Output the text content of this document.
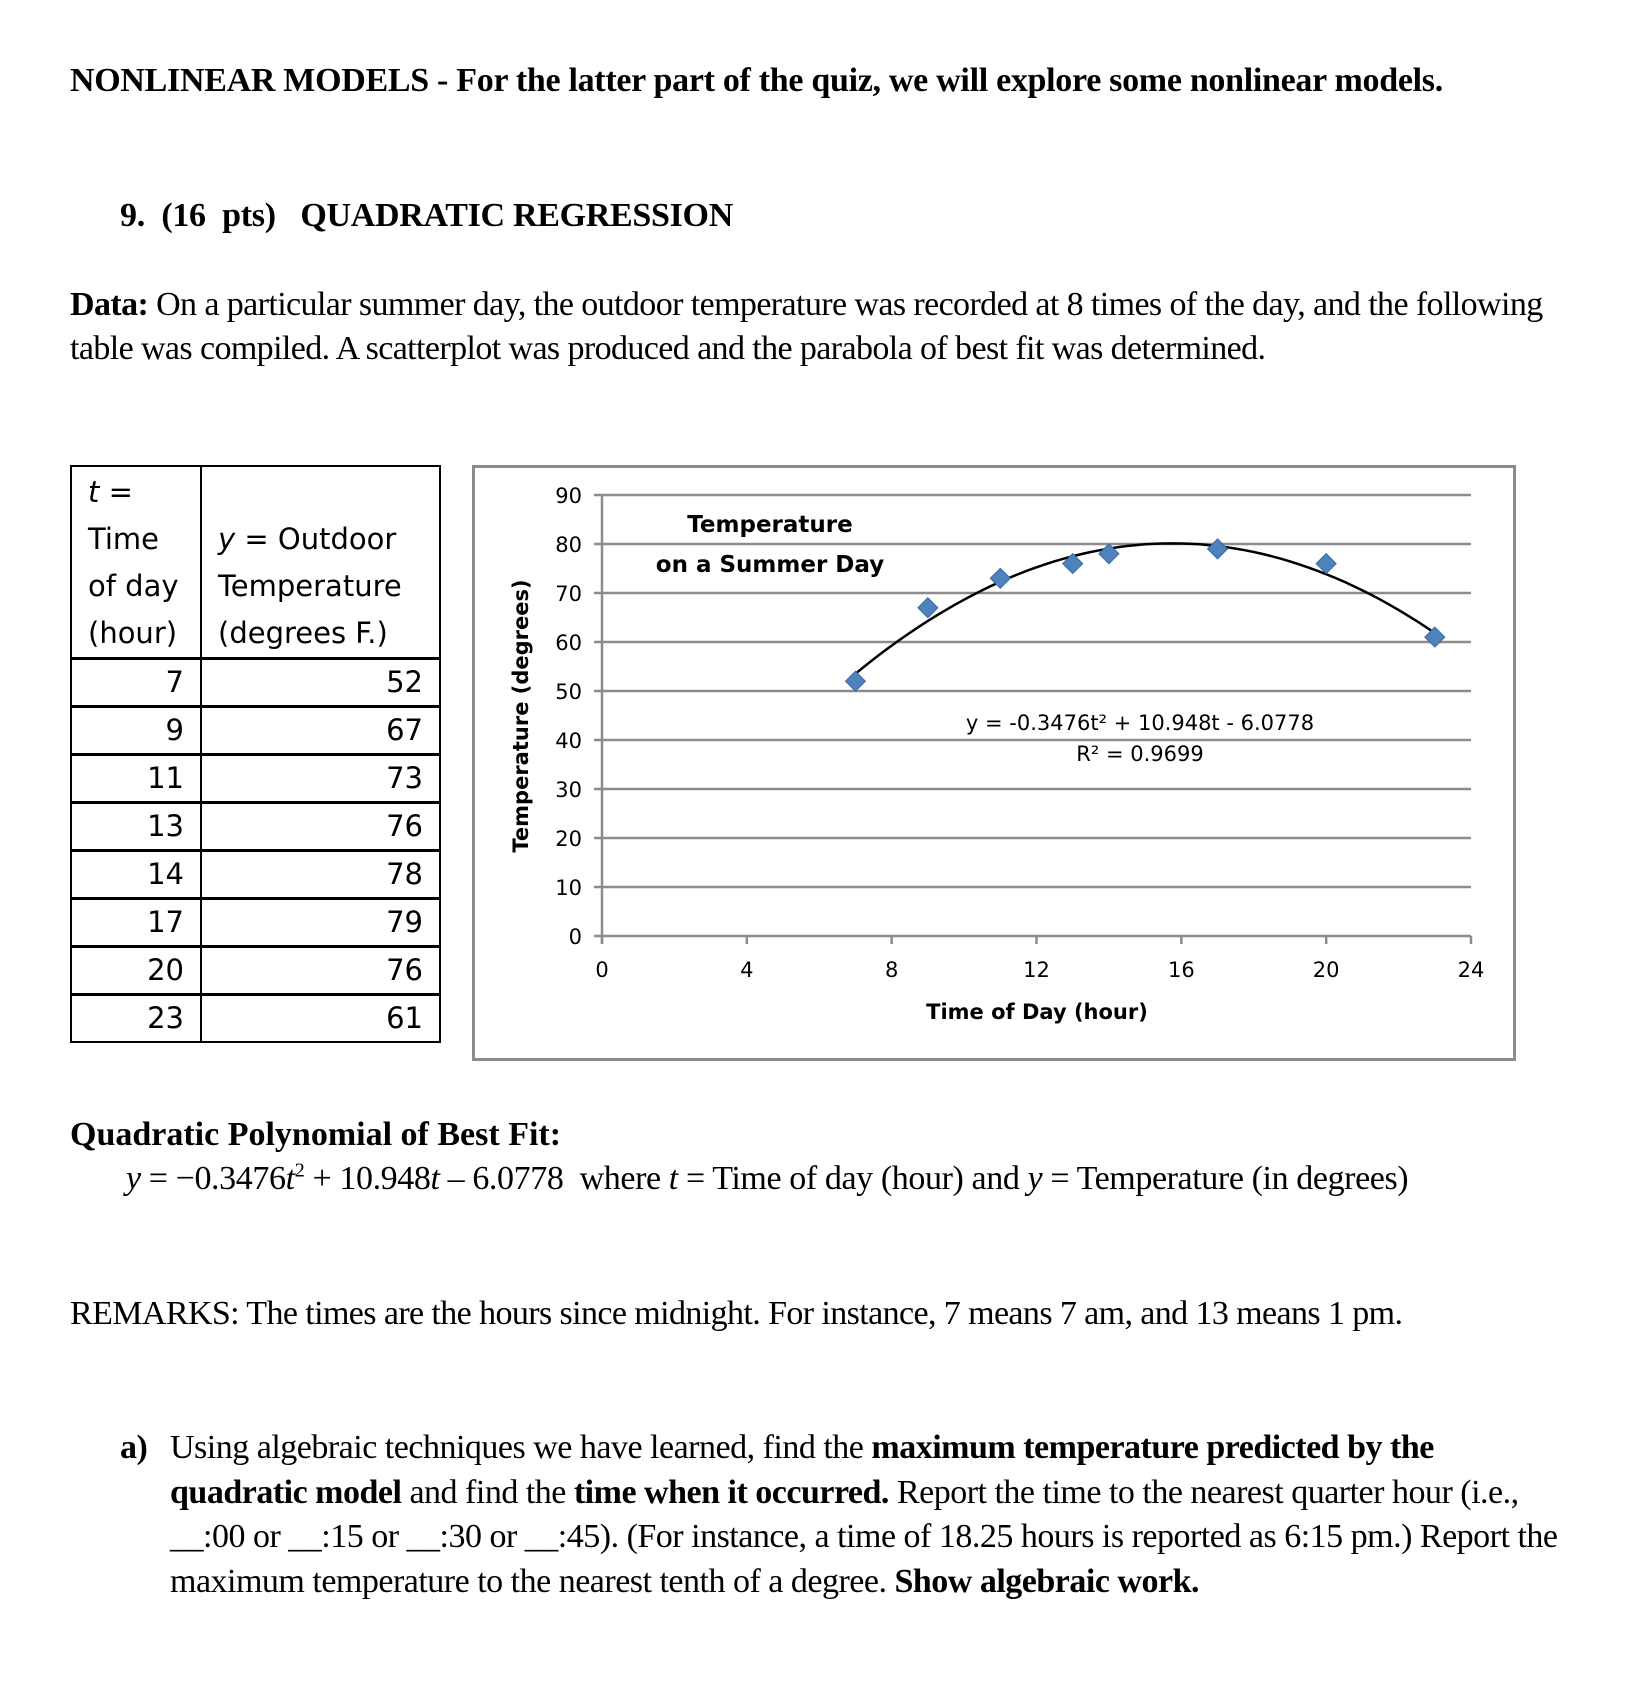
NONLINEAR MODELS - For the latter part of the quiz, we will explore some nonlinear models.
9. (16  pts) QUADRATIC REGRESSION
Data: On a particular summer day, the outdoor temperature was recorded at 8 times of the day, and the following table was compiled. A scatterplot was produced and the parabola of best fit was determined.
t =
Time
of day
(hour)

y = Outdoor
Temperature
(degrees F.)

7	52
9	67
11	73
13	76
14	78
17	79
20	76
23	61
0
10
20
30
40
50
60
70
80
90
0	4	8	12	16	20	24
Temperature
on a Summer Day
y = -0.3476t² + 10.948t - 6.0778
R² = 0.9699
Time of Day (hour)
Temperature (degrees)
Quadratic Polynomial of Best Fit:
$y = -0.3476t^2 + 10.948t - 6.0778$  where t = Time of day (hour) and y = Temperature (in degrees)
REMARKS: The times are the hours since midnight. For instance, 7 means 7 am, and 13 means 1 pm.
a) Using algebraic techniques we have learned, find the maximum temperature predicted by the quadratic model and find the time when it occurred. Report the time to the nearest quarter hour (i.e., __:00 or __:15 or __:30 or __:45). (For instance, a time of 18.25 hours is reported as 6:15 pm.) Report the maximum temperature to the nearest tenth of a degree. Show algebraic work.
